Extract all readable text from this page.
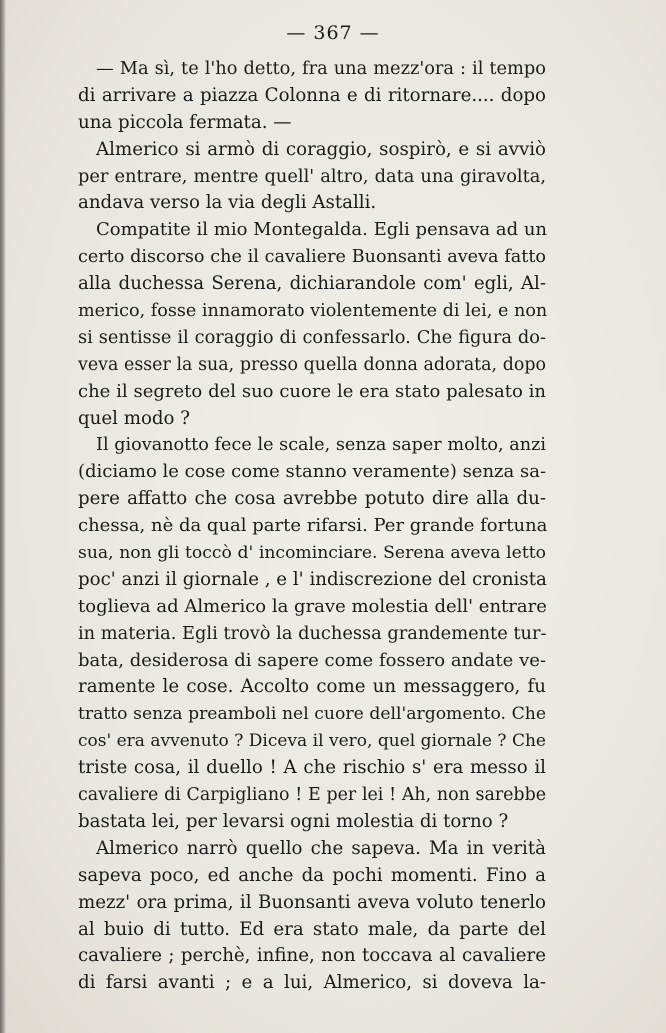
— 367 —
— Ma sì, te l'ho detto, fra una mezz'ora : il tempo
di arrivare a piazza Colonna e di ritornare.... dopo
una piccola fermata. —
Almerico si armò di coraggio, sospirò, e si avviò
per entrare, mentre quell' altro, data una giravolta,
andava verso la via degli Astalli.
Compatite il mio Montegalda. Egli pensava ad un
certo discorso che il cavaliere Buonsanti aveva fatto
alla duchessa Serena, dichiarandole com' egli, Al-
merico, fosse innamorato violentemente di lei, e non
si sentisse il coraggio di confessarlo. Che figura do-
veva esser la sua, presso quella donna adorata, dopo
che il segreto del suo cuore le era stato palesato in
quel modo ?
Il giovanotto fece le scale, senza saper molto, anzi
(diciamo le cose come stanno veramente) senza sa-
pere affatto che cosa avrebbe potuto dire alla du-
chessa, nè da qual parte rifarsi. Per grande fortuna
sua, non gli toccò d' incominciare. Serena aveva letto
poc' anzi il giornale , e l' indiscrezione del cronista
toglieva ad Almerico la grave molestia dell' entrare
in materia. Egli trovò la duchessa grandemente tur-
bata, desiderosa di sapere come fossero andate ve-
ramente le cose. Accolto come un messaggero, fu
tratto senza preamboli nel cuore dell'argomento. Che
cos' era avvenuto ? Diceva il vero, quel giornale ? Che
triste cosa, il duello ! A che rischio s' era messo il
cavaliere di Carpigliano ! E per lei ! Ah, non sarebbe
bastata lei, per levarsi ogni molestia di torno ?
Almerico narrò quello che sapeva. Ma in verità
sapeva poco, ed anche da pochi momenti. Fino a
mezz' ora prima, il Buonsanti aveva voluto tenerlo
al buio di tutto. Ed era stato male, da parte del
cavaliere ; perchè, infine, non toccava al cavaliere
di farsi avanti ; e a lui, Almerico, si doveva la-
